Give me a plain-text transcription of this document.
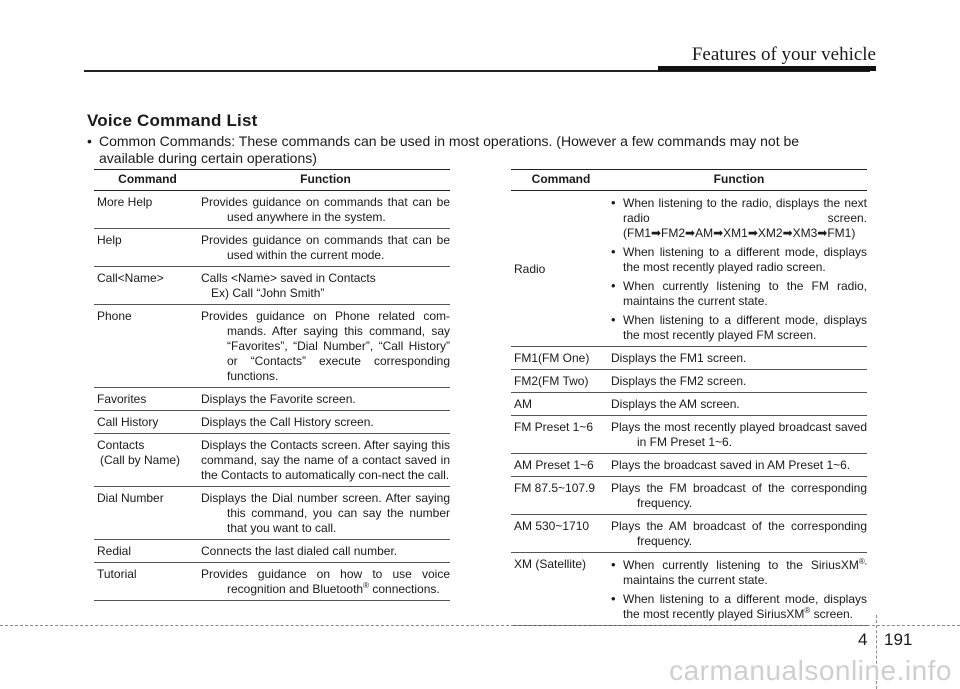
Features of your vehicle
Voice Command List
• Common Commands: These commands can be used in most operations. (However a few commands may not be
available during certain operations)
Command	Function
More Help	Provides guidance on commands that can be used anywhere in the system.

Help	Provides guidance on commands that can be used within the current mode.

Call<Name>	Calls <Name> saved in Contacts
Ex) Call “John Smith”

Phone	Provides guidance on Phone related com-mands. After saying this command, say “Favorites”, “Dial Number”, “Call History” or “Contacts” execute corresponding functions.

Favorites	Displays the Favorite screen.
Call History	Displays the Call History screen.

Contacts
(Call by Name)	Displays the Contacts screen. After saying this command, say the name of a contact saved in the Contacts to automatically con-nect the call.
Dial Number	Displays the Dial number screen. After saying this command, you can say the number that you want to call.

Redial	Connects the last dialed call number.
Tutorial	Provides guidance on how to use voice recognition and Bluetooth® connections.
Command	Function
Radio	• When listening to the radio, displays the next radio screen. (FM1➡FM2➡AM➡XM1➡XM2➡XM3➡FM1)
• When listening to a different mode, displays the most recently played radio screen.
• When currently listening to the FM radio, maintains the current state.
• When listening to a different mode, displays the most recently played FM screen.

FM1(FM One)	Displays the FM1 screen.
FM2(FM Two)	Displays the FM2 screen.
AM	Displays the AM screen.
FM Preset 1~6	Plays the most recently played broadcast saved in FM Preset 1~6.

AM Preset 1~6	Plays the broadcast saved in AM Preset 1~6.
FM 87.5~107.9	Plays the FM broadcast of the corresponding frequency.

AM 530~1710	Plays the AM broadcast of the corresponding frequency.

XM (Satellite)	• When currently listening to the SiriusXM®, maintains the current state.
• When listening to a different mode, displays the most recently played SiriusXM® screen.
4 191
carmanualsonline.info
